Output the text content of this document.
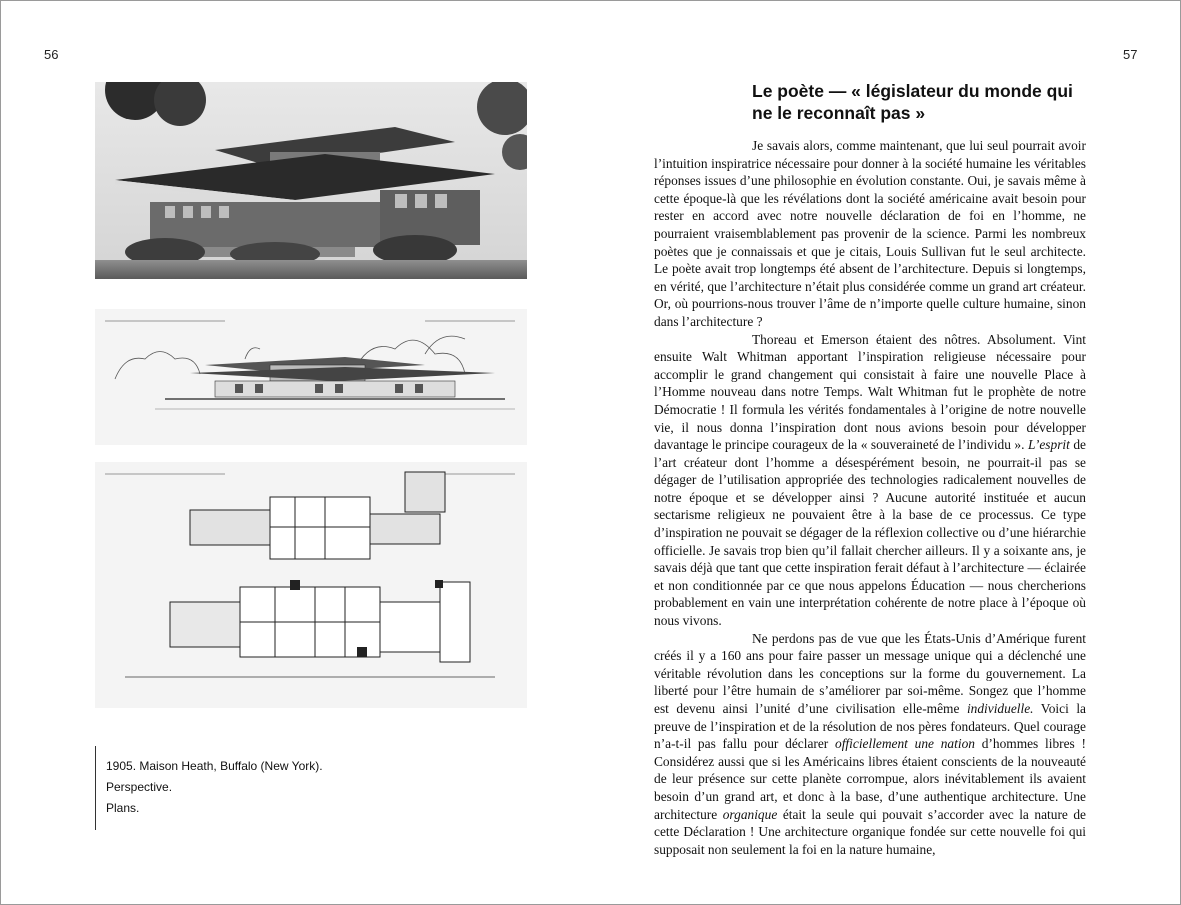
56	57
1905. Maison Heath, Buffalo (New York).
Perspective.
Plans.
Le poète — « législateur du monde qui ne le reconnaît pas »

Je savais alors, comme maintenant, que lui seul pourrait avoir l’intuition inspiratrice nécessaire pour donner à la société humaine les véritables réponses issues d’une philosophie en évolution constante. Oui, je savais même à cette époque-là que les révélations dont la société américaine avait besoin pour rester en accord avec notre nouvelle déclaration de foi en l’homme, ne pourraient vraisemblablement pas provenir de la science. Parmi les nombreux poètes que je connaissais et que je citais, Louis Sullivan fut le seul architecte. Le poète avait trop longtemps été absent de l’architecture. Depuis si longtemps, en vérité, que l’architecture n’était plus considérée comme un grand art créateur. Or, où pourrions-nous trouver l’âme de n’importe quelle culture humaine, sinon dans l’architecture ?

Thoreau et Emerson étaient des nôtres. Absolument. Vint ensuite Walt Whitman apportant l’inspiration religieuse nécessaire pour accomplir le grand changement qui consistait à faire une nouvelle Place à l’Homme nouveau dans notre Temps. Walt Whitman fut le prophète de notre Démocratie ! Il formula les vérités fondamentales à l’origine de notre nouvelle vie, il nous donna l’inspiration dont nous avions besoin pour développer davantage le principe courageux de la « souveraineté de l’individu ». L’esprit de l’art créateur dont l’homme a désespérément besoin, ne pourrait-il pas se dégager de l’utilisation appropriée des technologies radicalement nouvelles de notre époque et se développer ainsi ? Aucune autorité instituée et aucun sectarisme religieux ne pouvaient être à la base de ce processus. Ce type d’inspiration ne pouvait se dégager de la réflexion collective ou d’une hiérarchie officielle. Je savais trop bien qu’il fallait chercher ailleurs. Il y a soixante ans, je savais déjà que tant que cette inspiration ferait défaut à l’architecture — éclairée et non conditionnée par ce que nous appelons Éducation — nous chercherions probablement en vain une interprétation cohérente de notre place à l’époque où nous vivons.

Ne perdons pas de vue que les États-Unis d’Amérique furent créés il y a 160 ans pour faire passer un message unique qui a déclenché une véritable révolution dans les conceptions sur la forme du gouvernement. La liberté pour l’être humain de s’améliorer par soi-même. Songez que l’homme est devenu ainsi l’unité d’une civilisation elle-même individuelle. Voici la preuve de l’inspiration et de la résolution de nos pères fondateurs. Quel courage n’a-t-il pas fallu pour déclarer officiellement une nation d’hommes libres ! Considérez aussi que si les Américains libres étaient conscients de la nouveauté de leur présence sur cette planète corrompue, alors inévitablement ils avaient besoin d’un grand art, et donc à la base, d’une authentique architecture. Une architecture organique était la seule qui pouvait s’accorder avec la nature de cette Déclaration ! Une architecture organique fondée sur cette nouvelle foi qui supposait non seulement la foi en la nature humaine,
